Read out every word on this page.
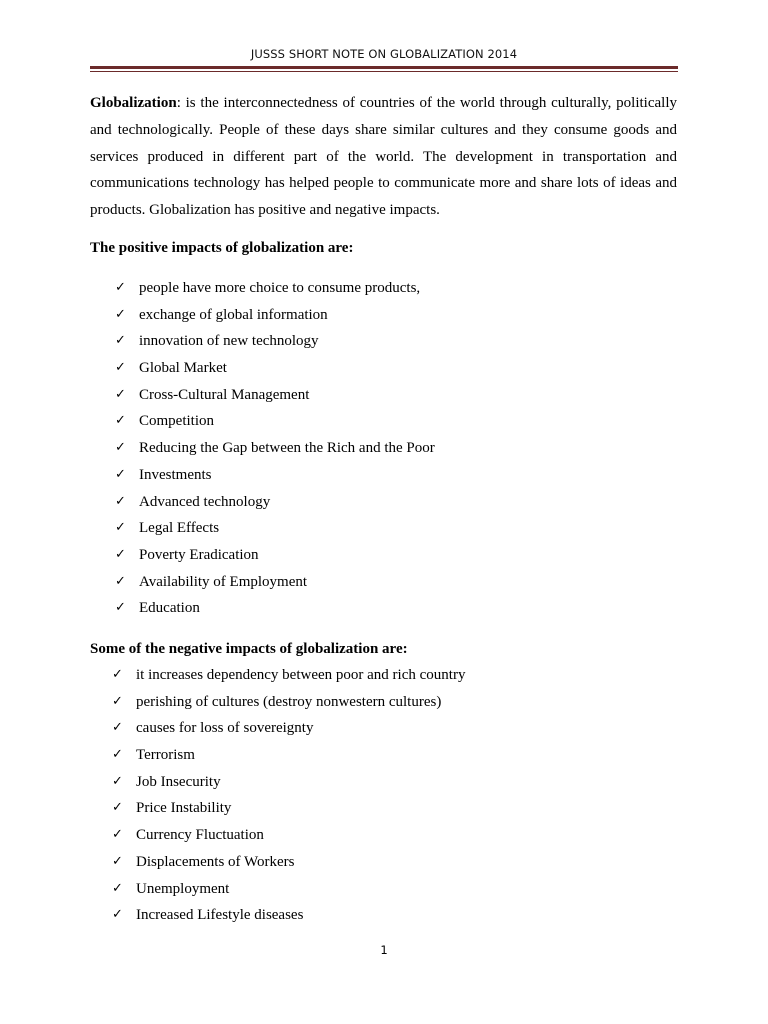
JUSSS SHORT NOTE ON GLOBALIZATION 2014

Globalization: is the interconnectedness of countries of the world through culturally, politically and technologically. People of these days share similar cultures and they consume goods and services produced in different part of the world. The development in transportation and communications technology has helped people to communicate more and share lots of ideas and products. Globalization has positive and negative impacts.

The positive impacts of globalization are:

✓ people have more choice to consume products,
✓ exchange of global information
✓ innovation of new technology
✓ Global Market
✓ Cross-Cultural Management
✓ Competition
✓ Reducing the Gap between the Rich and the Poor
✓ Investments
✓ Advanced technology
✓ Legal Effects
✓ Poverty Eradication
✓ Availability of Employment
✓ Education

Some of the negative impacts of globalization are:

✓ it increases dependency between poor and rich country
✓ perishing of cultures (destroy nonwestern cultures)
✓ causes for loss of sovereignty
✓ Terrorism
✓ Job Insecurity
✓ Price Instability
✓ Currency Fluctuation
✓ Displacements of Workers
✓ Unemployment
✓ Increased Lifestyle diseases
1
